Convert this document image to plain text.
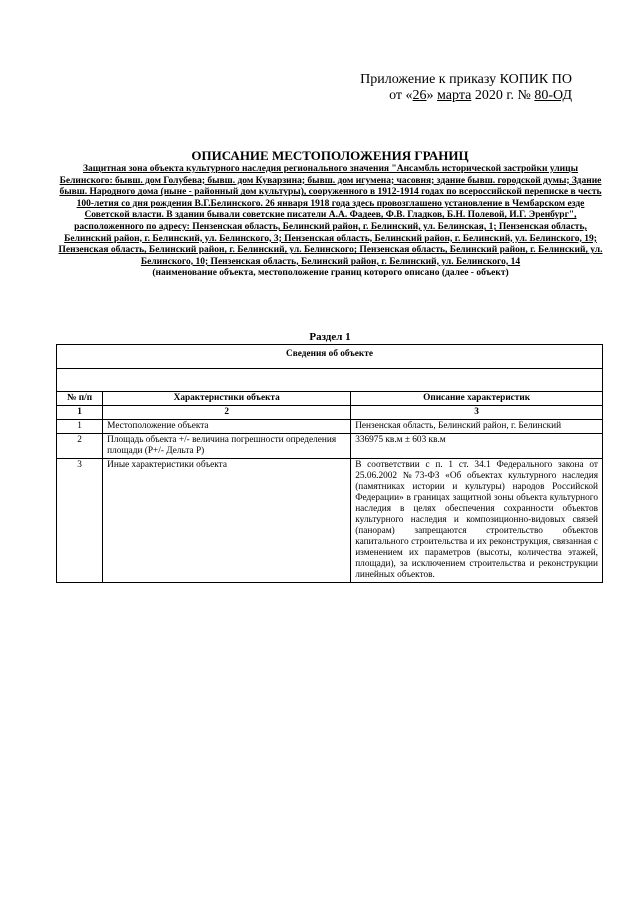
Приложение к приказу КОПИК ПО
от «26» марта 2020 г. № 80-ОД
ОПИСАНИЕ МЕСТОПОЛОЖЕНИЯ ГРАНИЦ
Защитная зона объекта культурного наследия регионального значения "Ансамбль исторической застройки улицы Белинского: бывш. дом Голубева; бывш. дом Куварзина; бывш. дом игумена; часовня; здание бывш. городской думы; Здание бывш. Народного дома (ныне - районный дом культуры), сооруженного в 1912-1914 годах по всероссийской переписке в честь 100-летия со дня рождения В.Г.Белинского. 26 января 1918 года здесь провозглашено установление в Чембарском езде Советской власти. В здании бывали советские писатели А.А. Фадеев, Ф.В. Гладков, Б.Н. Полевой, И.Г. Эренбург", расположенного по адресу: Пензенская область, Белинский район, г. Белинский, ул. Белинская, 1; Пензенская область, Белинский район, г. Белинский, ул. Белинского, 3; Пензенская область, Белинский район, г. Белинский, ул. Белинского, 19; Пензенская область, Белинский район, г. Белинский, ул. Белинского; Пензенская область, Белинский район, г. Белинский, ул. Белинского, 10; Пензенская область, Белинский район, г. Белинский, ул. Белинского, 14
(наименование объекта, местоположение границ которого описано (далее - объект)
Раздел 1
Сведения об объекте		

№ п/п	Характеристики объекта	Описание характеристик
1	2	3
1	Местоположение объекта	Пензенская область, Белинский район, г. Белинский
2	Площадь объекта +/- величина погрешности определения площади (P+/- Дельта P)	336975 кв.м ± 603 кв.м
3	Иные характеристики объекта	В соответствии с п. 1 ст. 34.1 Федерального закона от 25.06.2002 №73-ФЗ «Об объектах культурного наследия (памятниках истории и культуры) народов Российской Федерации» в границах защитной зоны объекта культурного наследия в целях обеспечения сохранности объектов культурного наследия и композиционно-видовых связей (панорам) запрещаются строительство объектов капитального строительства и их реконструкция, связанная с изменением их параметров (высоты, количества этажей, площади), за исключением строительства и реконструкции линейных объектов.
